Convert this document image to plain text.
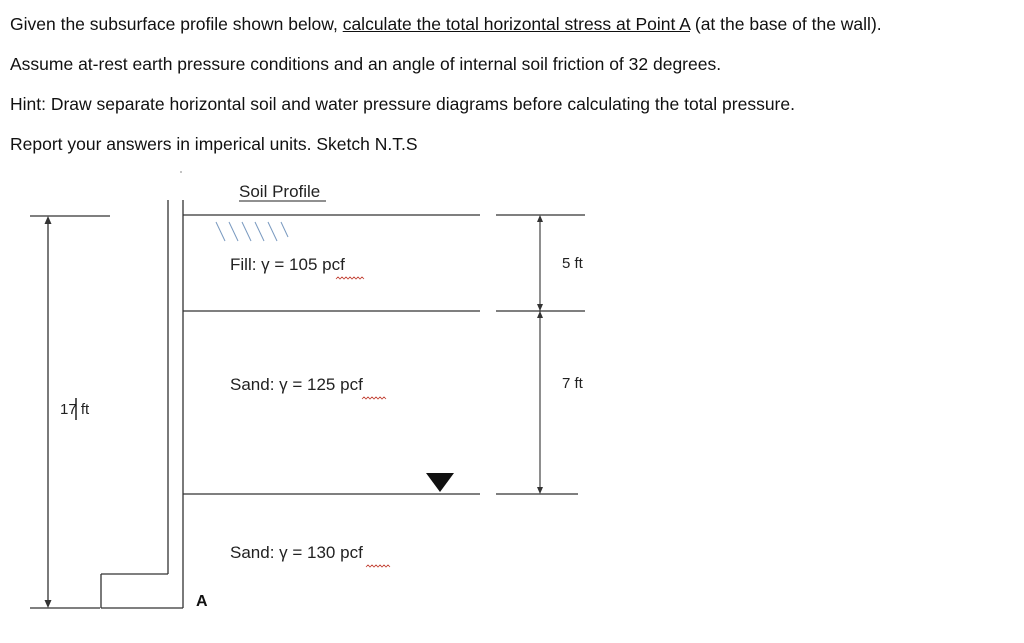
Given the subsurface profile shown below, calculate the total horizontal stress at Point A (at the base of the wall).
Assume at-rest earth pressure conditions and an angle of internal soil friction of 32 degrees.
Hint: Draw separate horizontal soil and water pressure diagrams before calculating the total pressure.
Report your answers in imperical units. Sketch N.T.S
Soil Profile
Fill: γ = 105 pcf
Sand: γ = 125 pcf
Sand: γ = 130 pcf
17 ft
5 ft
7 ft
A
